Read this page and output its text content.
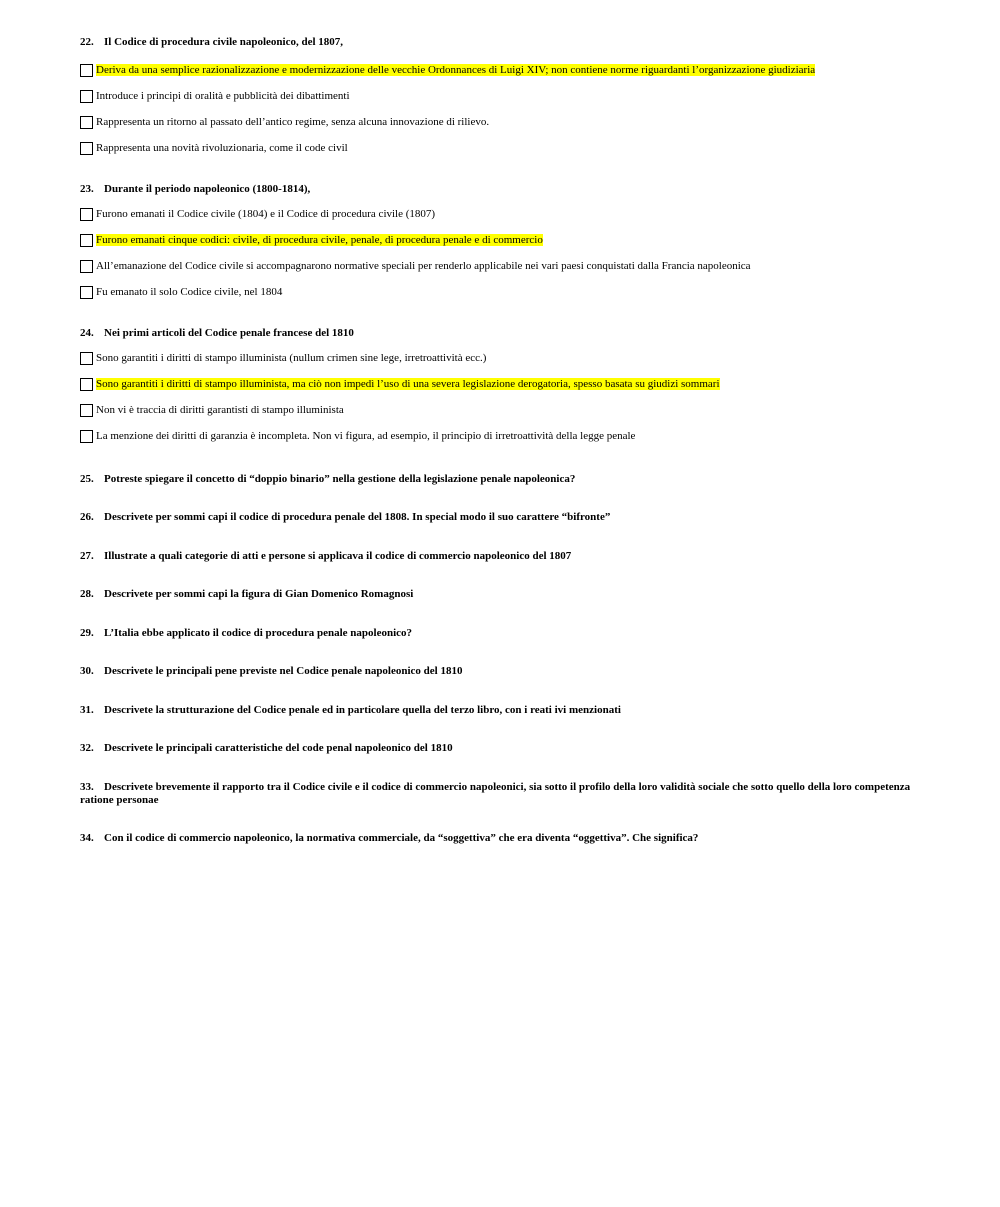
22. Il Codice di procedura civile napoleonico, del 1807,

Deriva da una semplice razionalizzazione e modernizzazione delle vecchie Ordonnances di Luigi XIV; non contiene norme riguardanti l’organizzazione giudiziaria
Introduce i principi di oralità e pubblicità dei dibattimenti
Rappresenta un ritorno al passato dell’antico regime, senza alcuna innovazione di rilievo.
Rappresenta una novità rivoluzionaria, come il code civil

23. Durante il periodo napoleonico (1800-1814),

Furono emanati il Codice civile (1804) e il Codice di procedura civile (1807)
Furono emanati cinque codici: civile, di procedura civile, penale, di procedura penale e di commercio
All’emanazione del Codice civile si accompagnarono normative speciali per renderlo applicabile nei vari paesi conquistati dalla Francia napoleonica
Fu emanato il solo Codice civile, nel 1804

24. Nei primi articoli del Codice penale francese del 1810

Sono garantiti i diritti di stampo illuminista (nullum crimen sine lege, irretroattività ecc.)
Sono garantiti i diritti di stampo illuminista, ma ciò non impedì l’uso di una severa legislazione derogatoria, spesso basata su giudizi sommari
Non vi è traccia di diritti garantisti di stampo illuminista
La menzione dei diritti di garanzia è incompleta. Non vi figura, ad esempio, il principio di irretroattività della legge penale
25. Potreste spiegare il concetto di “doppio binario” nella gestione della legislazione penale napoleonica?
26. Descrivete per sommi capi il codice di procedura penale del 1808. In special modo il suo carattere “bifronte”
27. Illustrate a quali categorie di atti e persone si applicava il codice di commercio napoleonico del 1807
28. Descrivete per sommi capi la figura di Gian Domenico Romagnosi
29. L’Italia ebbe applicato il codice di procedura penale napoleonico?
30. Descrivete le principali pene previste nel Codice penale napoleonico del 1810
31. Descrivete la strutturazione del Codice penale ed in particolare quella del terzo libro, con i reati ivi menzionati
32. Descrivete le principali caratteristiche del code penal napoleonico del 1810
33. Descrivete brevemente il rapporto tra il Codice civile e il codice di commercio napoleonici, sia sotto il profilo della loro validità sociale che sotto quello della loro competenza ratione personae
34. Con il codice di commercio napoleonico, la normativa commerciale, da “soggettiva” che era diventa “oggettiva”. Che significa?
